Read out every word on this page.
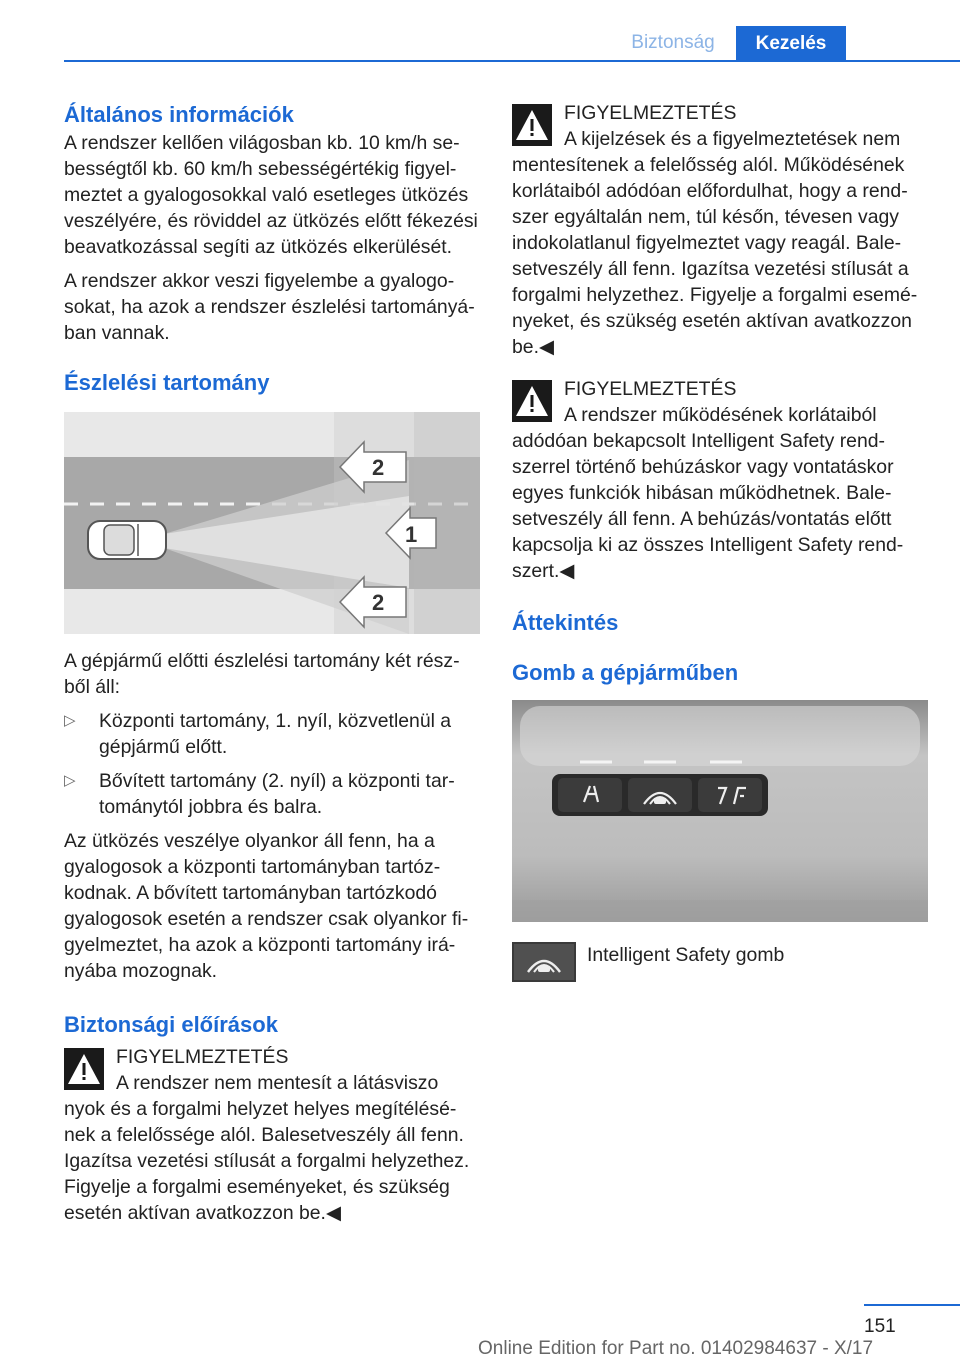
Biztonság	Kezelés
Általános információk

A rendszer kellően világosban kb. 10 km/h sebességtől kb. 60 km/h sebességértékig figyelmeztet a gyalogosokkal való esetleges ütközés veszélyére, és röviddel az ütközés előtt fékezési beavatkozással segíti az ütközés elkerülését.

A rendszer akkor veszi figyelembe a gyalogosokat, ha azok a rendszer észlelési tartományában vannak.

Észlelési tartomány
2
1
2

A gépjármű előtti észlelési tartomány két részből áll:

▷ Központi tartomány, 1. nyíl, közvetlenül a gépjármű előtt.
▷ Bővített tartomány (2. nyíl) a központi tartománytól jobbra és balra.

Az ütközés veszélye olyankor áll fenn, ha a gyalogosok a központi tartományban tartózkodnak. A bővített tartományban tartózkodó gyalogosok esetén a rendszer csak olyankor figyelmeztet, ha azok a központi tartomány irányába mozognak.

Biztonsági előírások
FIGYELMEZTETÉS
A rendszer nem mentesít a látásviszo
nyok és a forgalmi helyzet helyes megítélésének a felelőssége alól. Balesetveszély áll fenn. Igazítsa vezetési stílusát a forgalmi helyzethez. Figyelje a forgalmi eseményeket, és szükség esetén aktívan avatkozzon be.◀
FIGYELMEZTETÉS
A kijelzések és a figyelmeztetések nem
mentesítenek a felelősség alól. Működésének korlátaiból adódóan előfordulhat, hogy a rendszer egyáltalán nem, túl későn, tévesen vagy indokolatlanul figyelmeztet vagy reagál. Balesetveszély áll fenn. Igazítsa vezetési stílusát a forgalmi helyzethez. Figyelje a forgalmi eseményeket, és szükség esetén aktívan avatkozzon be.◀
FIGYELMEZTETÉS
A rendszer működésének korlátaiból
adódóan bekapcsolt Intelligent Safety rendszerrel történő behúzáskor vagy vontatáskor egyes funkciók hibásan működhetnek. Balesetveszély áll fenn. A behúzás/vontatás előtt kapcsolja ki az összes Intelligent Safety rendszert.◀
Áttekintés
Gomb a gépjárműben
Intelligent Safety gomb
151
Online Edition for Part no. 01402984637 - X/17
